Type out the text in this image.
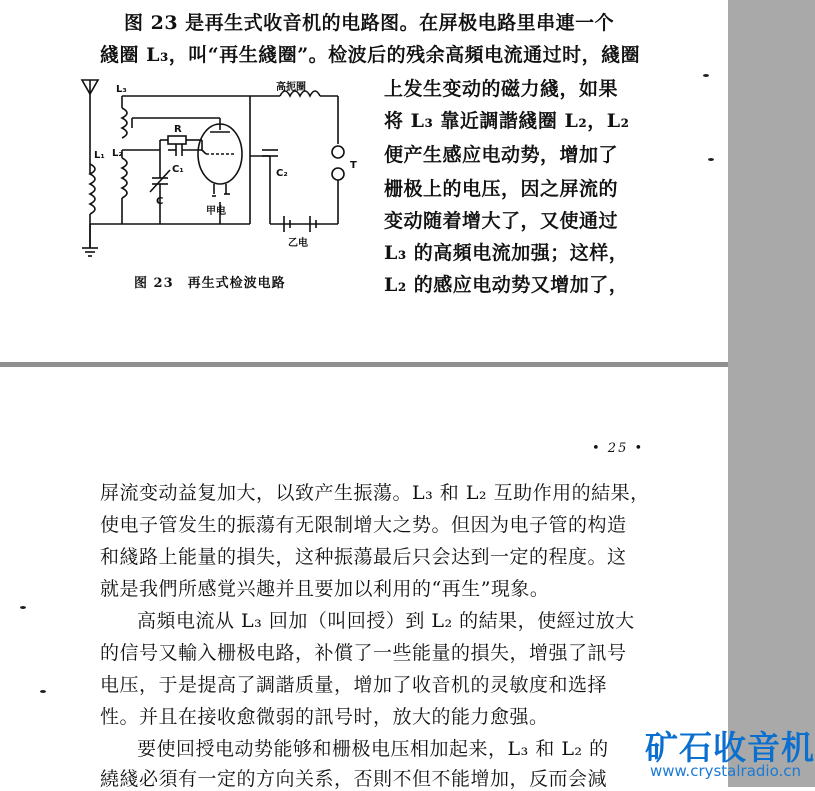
图 23 是再生式收音机的电路图。在屏极电路里串連一个
綫圈 L₃，叫“再生綫圈”。检波后的残余高頻电流通过时，綫圈
上发生变动的磁力綫，如果
将 L₃ 靠近調諧綫圈 L₂，L₂
便产生感应电动势，增加了
栅极上的电压，因之屏流的
变动随着增大了，又使通过
L₃ 的高頻电流加强；这样，
L₂ 的感应电动势又增加了，
L₃
L₁ L₂
R
C₁
C
C₂
T
高扼圈
甲电
乙电
图 23　再生式检波电路
• 25 •
屏流变动益复加大，以致产生振蕩。L₃ 和 L₂ 互助作用的結果，
使电子管发生的振蕩有无限制增大之势。但因为电子管的构造
和綫路上能量的損失，这种振蕩最后只会达到一定的程度。这
就是我們所感覚兴趣并且要加以利用的“再生”現象。
高頻电流从 L₃ 回加（叫回授）到 L₂ 的結果，使經过放大
的信号又輸入栅极电路，补償了一些能量的損失，增强了訊号
电压，于是提高了調諧质量，增加了收音机的灵敏度和选择
性。并且在接收愈微弱的訊号时，放大的能力愈强。
要使回授电动势能够和栅极电压相加起来，L₃ 和 L₂ 的
繞綫必須有一定的方向关系，否則不但不能增加，反而会減
矿石收音机
www.crystalradio.cn
